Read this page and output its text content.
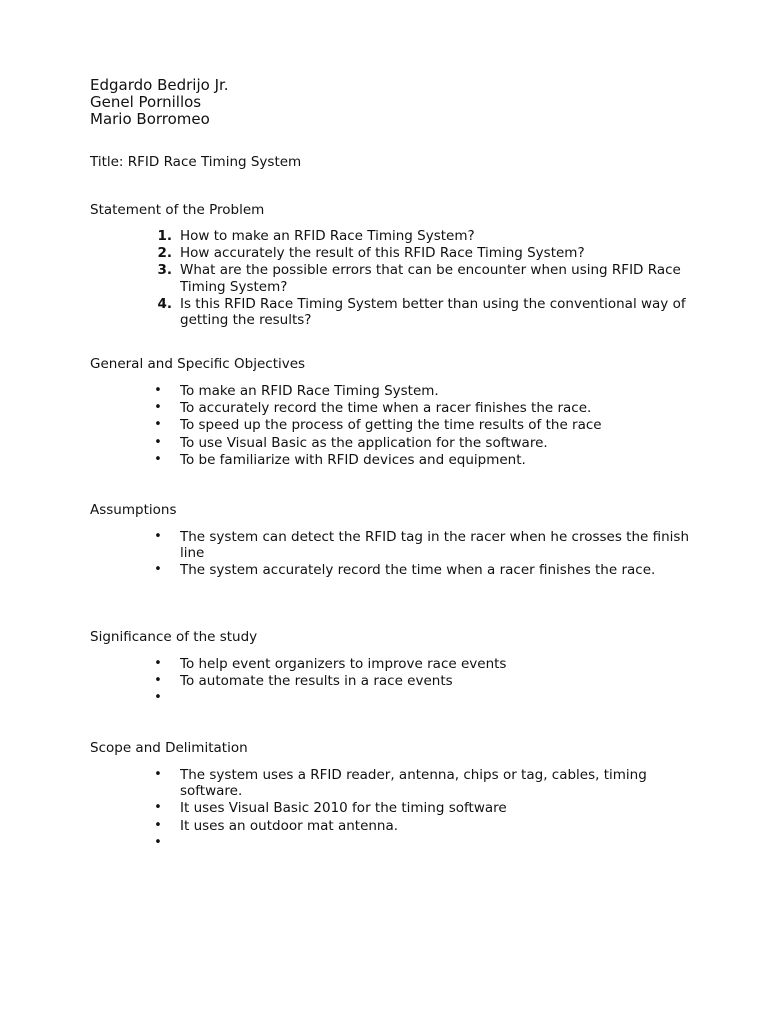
Edgardo Bedrijo Jr.
Genel Pornillos
Mario Borromeo
Title: RFID Race Timing System
Statement of the Problem
1. How to make an RFID Race Timing System?
2. How accurately the result of this RFID Race Timing System?
3. What are the possible errors that can be encounter when using RFID Race Timing System?
4. Is this RFID Race Timing System better than using the conventional way of getting the results?
General and Specific Objectives
•	To make an RFID Race Timing System.
•	To accurately record the time when a racer finishes the race.
•	To speed up the process of getting the time results of the race
•	To use Visual Basic as the application for the software.
•	To be familiarize with RFID devices and equipment.
Assumptions
•	The system can detect the RFID tag in the racer when he crosses the finish line
•	The system accurately record the time when a racer finishes the race.
Significance of the study
•	To help event organizers to improve race events
•	To automate the results in a race events
•

Scope and Delimitation
•	The system uses a RFID reader, antenna, chips or tag, cables, timing software.
•	It uses Visual Basic 2010 for the timing software
•	It uses an outdoor mat antenna.
•
